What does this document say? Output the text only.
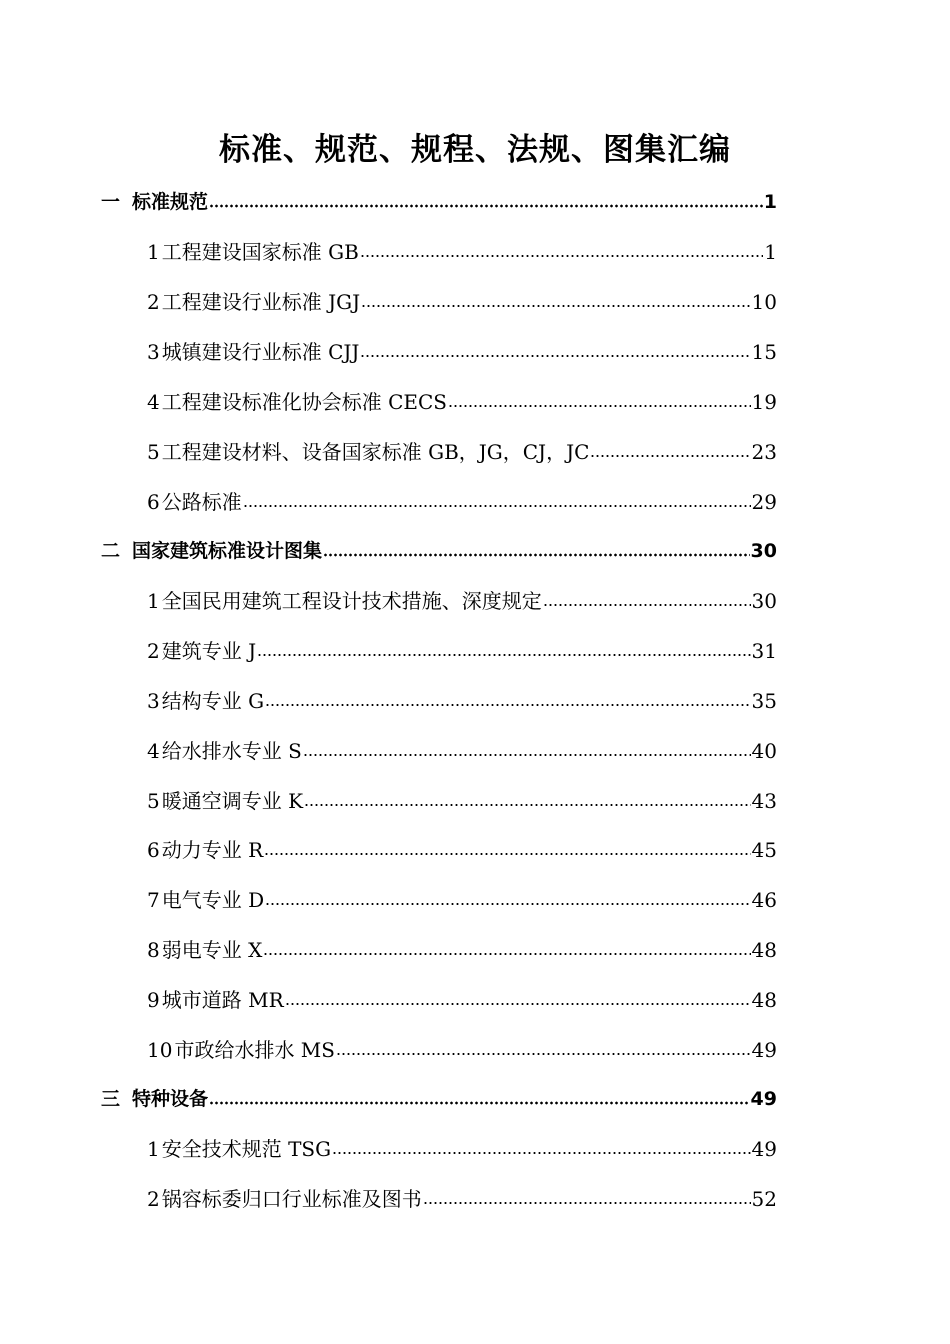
标准、规范、规程、法规、图集汇编
一 标准规范	1
1 工程建设国家标准 GB	1
2 工程建设行业标准 JGJ	10
3 城镇建设行业标准 CJJ	15
4 工程建设标准化协会标准 CECS	19
5 工程建设材料、设备国家标准 GB，JG，CJ，JC	23
6 公路标准	29
二 国家建筑标准设计图集	30
1 全国民用建筑工程设计技术措施、深度规定	30
2 建筑专业 J	31
3 结构专业 G	35
4 给水排水专业 S	40
5 暖通空调专业 K	43
6 动力专业 R	45
7 电气专业 D	46
8 弱电专业 X	48
9 城市道路 MR	48
10 市政给水排水 MS	49
三 特种设备	49
1 安全技术规范 TSG	49
2 锅容标委归口行业标准及图书	52
